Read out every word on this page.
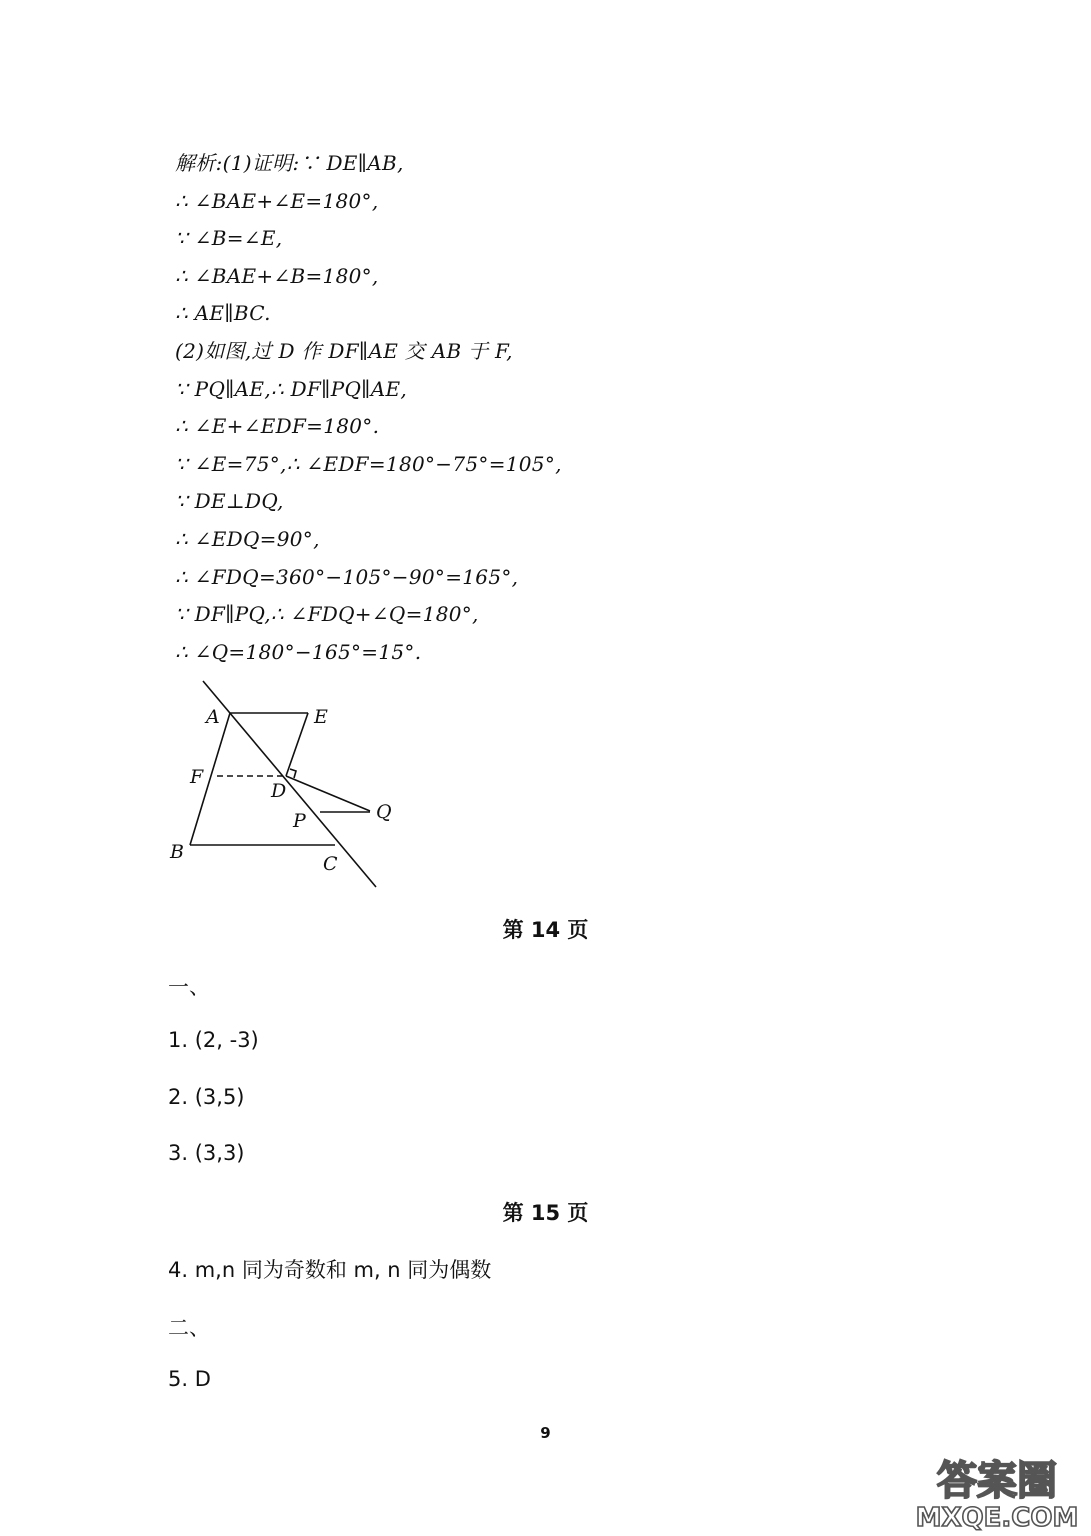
解析:(1)证明:∵ DE∥AB,
∴ ∠BAE+∠E=180°,
∵ ∠B=∠E,
∴ ∠BAE+∠B=180°,
∴ AE∥BC.
(2)如图,过 D 作 DF∥AE 交 AB 于 F,
∵ PQ∥AE,∴ DF∥PQ∥AE,
∴ ∠E+∠EDF=180°.
∵ ∠E=75°,∴ ∠EDF=180°−75°=105°,
∵ DE⊥DQ,
∴ ∠EDQ=90°,
∴ ∠FDQ=360°−105°−90°=165°,
∵ DF∥PQ,∴ ∠FDQ+∠Q=180°,
∴ ∠Q=180°−165°=15°.
A	E
F
D
Q
P
B
C
第 14 页
一、
1. (2, -3)
2. (3,5)
3. (3,3)
第 15 页
4. m,n 同为奇数和 m, n 同为偶数
二、
5. D
9
答案圈
MXQE.COM
